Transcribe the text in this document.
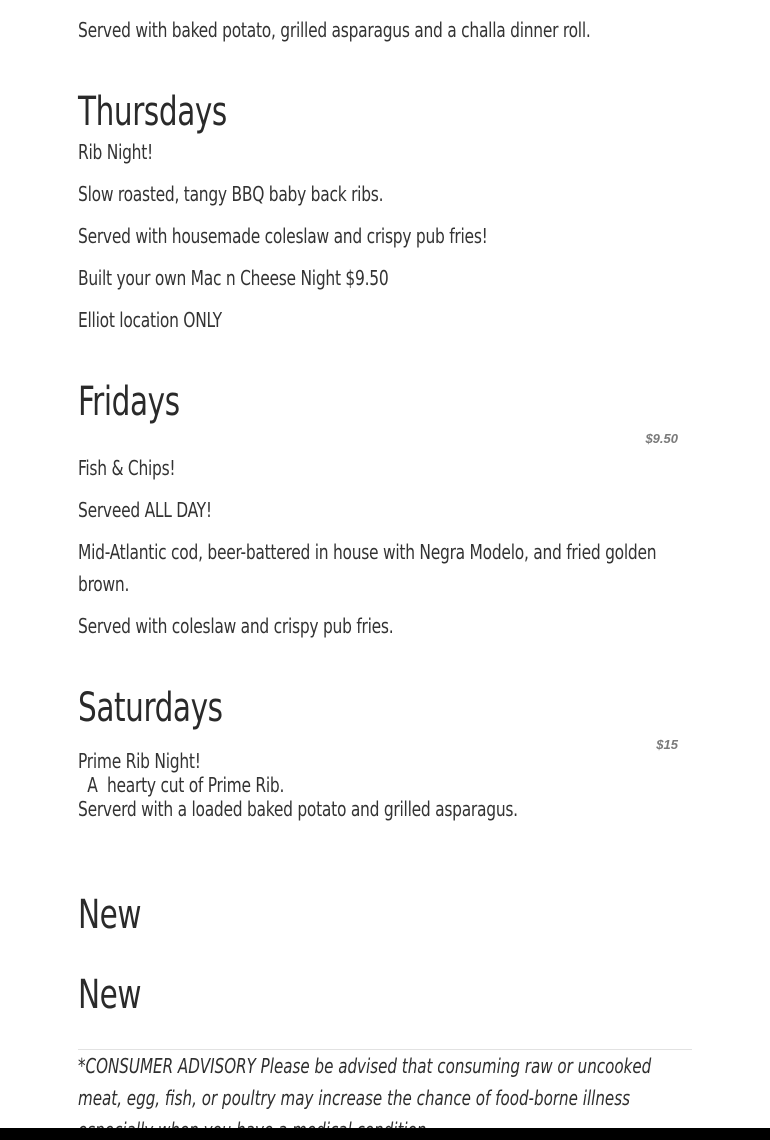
Served with baked potato, grilled asparagus and a challa dinner roll.
Thursdays
Rib Night!
Slow roasted, tangy BBQ baby back ribs.
Served with housemade coleslaw and crispy pub fries!
Built your own Mac n Cheese Night $9.50
Elliot location ONLY
Fridays
$9.50
Fish & Chips!
Serveed ALL DAY!
Mid-Atlantic cod, beer-battered in house with Negra Modelo, and fried golden brown.
Served with coleslaw and crispy pub fries.
Saturdays
$15
Prime Rib Night!
A  hearty cut of Prime Rib.
Serverd with a loaded baked potato and grilled asparagus.
New
New
*CONSUMER ADVISORY Please be advised that consuming raw or uncooked meat, egg, fish, or poultry may increase the chance of food-borne illness
